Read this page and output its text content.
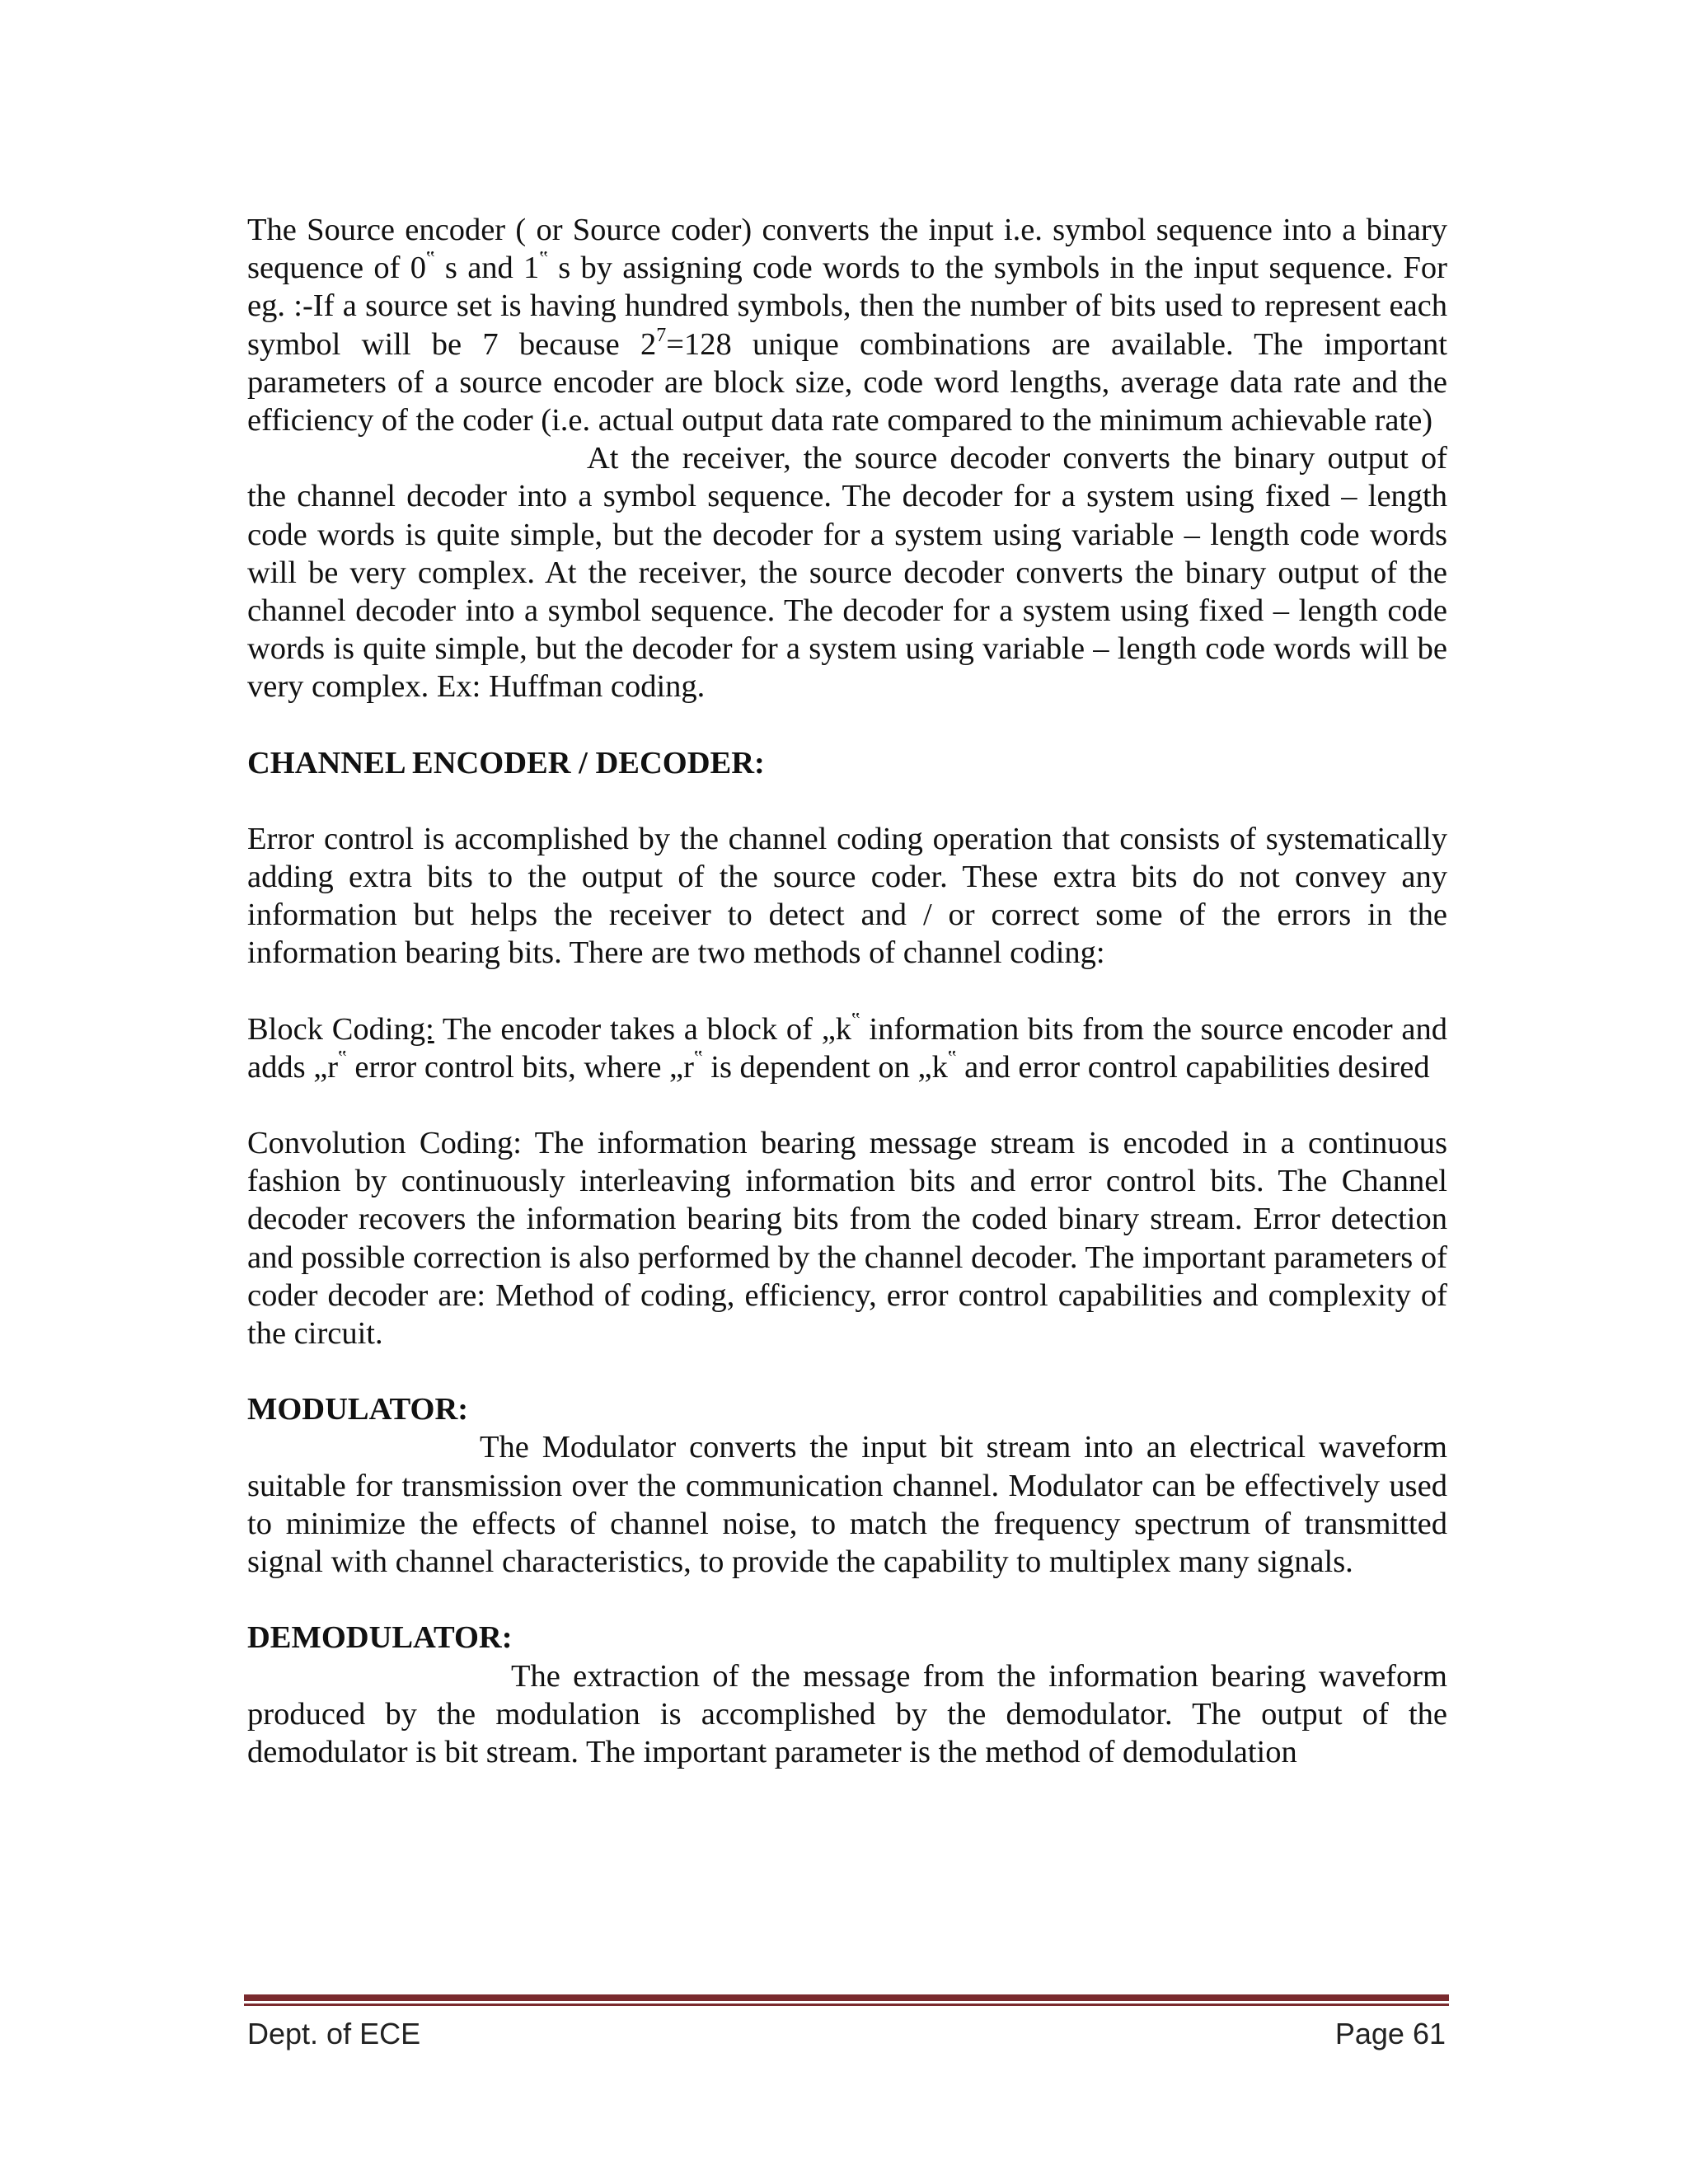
The Source encoder ( or Source coder) converts the input i.e. symbol sequence into a binary sequence of 0‟ s and 1‟ s by assigning code words to the symbols in the input sequence. For eg. :-If a source set is having hundred symbols, then the number of bits used to represent each symbol will be 7 because $2^7=128$ unique combinations are available. The important parameters of a source encoder are block size, code word lengths, average data rate and the efficiency of the coder (i.e. actual output data rate compared to the minimum achievable rate)

At the receiver, the source decoder converts the binary output of the channel decoder into a symbol sequence. The decoder for a system using fixed – length code words is quite simple, but the decoder for a system using variable – length code words will be very complex. At the receiver, the source decoder converts the binary output of the channel decoder into a symbol sequence. The decoder for a system using fixed – length code words is quite simple, but the decoder for a system using variable – length code words will be very complex. Ex: Huffman coding.

CHANNEL ENCODER / DECODER:

Error control is accomplished by the channel coding operation that consists of systematically adding extra bits to the output of the source coder. These extra bits do not convey any information but helps the receiver to detect and / or correct some of the errors in the information bearing bits. There are two methods of channel coding:

Block Coding: The encoder takes a block of „k‟ information bits from the source encoder and adds „r‟ error control bits, where „r‟ is dependent on „k‟ and error control capabilities desired

Convolution Coding: The information bearing message stream is encoded in a continuous fashion by continuously interleaving information bits and error control bits. The Channel decoder recovers the information bearing bits from the coded binary stream. Error detection and possible correction is also performed by the channel decoder. The important parameters of coder decoder are: Method of coding, efficiency, error control capabilities and complexity of the circuit.

MODULATOR:

The Modulator converts the input bit stream into an electrical waveform suitable for transmission over the communication channel. Modulator can be effectively used to minimize the effects of channel noise, to match the frequency spectrum of transmitted signal with channel characteristics, to provide the capability to multiplex many signals.

DEMODULATOR:

The extraction of the message from the information bearing waveform produced by the modulation is accomplished by the demodulator. The output of the demodulator is bit stream. The important parameter is the method of demodulation

Dept. of ECE	Page 61
